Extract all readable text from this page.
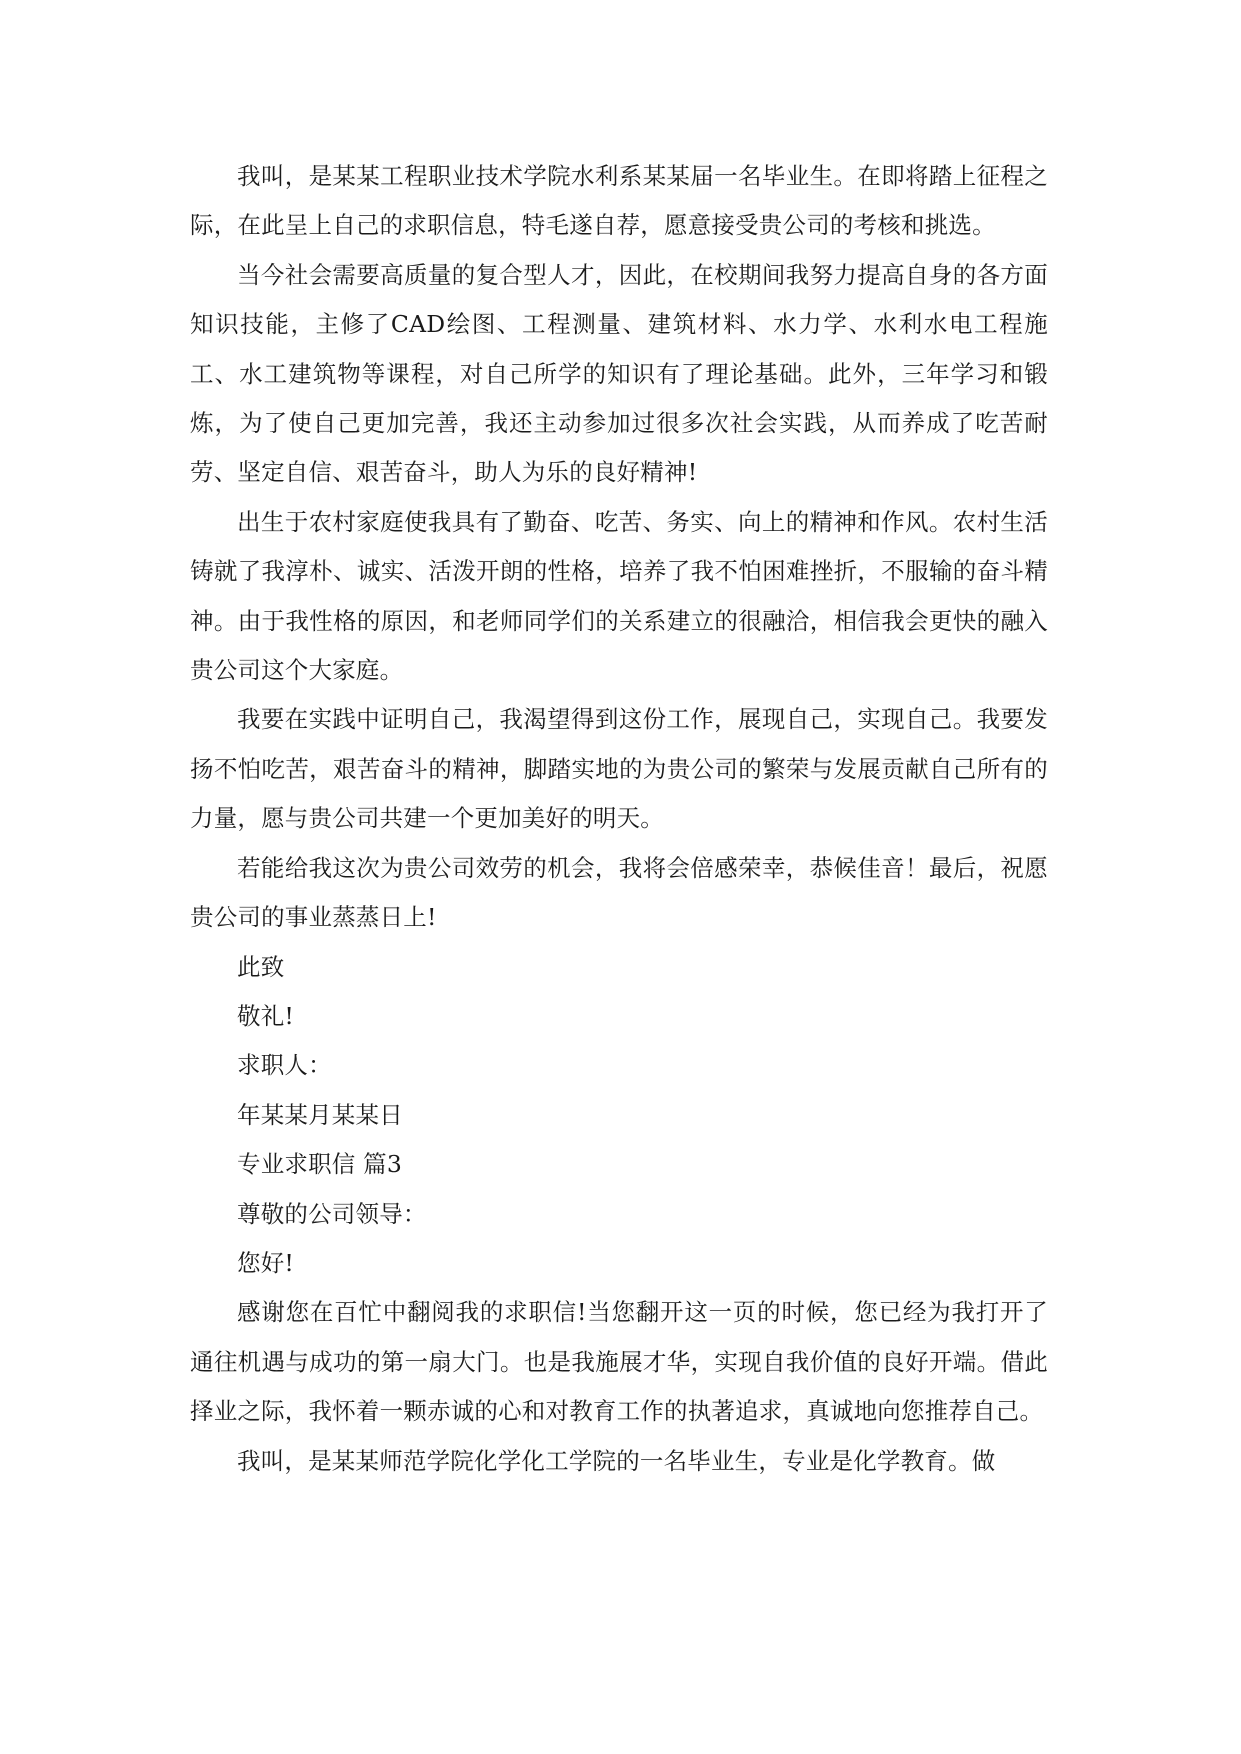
我叫，是某某工程职业技术学院水利系某某届一名毕业生。在即将踏上征程之际，在此呈上自己的求职信息，特毛遂自荐，愿意接受贵公司的考核和挑选。

当今社会需要高质量的复合型人才，因此，在校期间我努力提高自身的各方面知识技能，主修了CAD绘图、工程测量、建筑材料、水力学、水利水电工程施工、水工建筑物等课程，对自己所学的知识有了理论基础。此外，三年学习和锻炼，为了使自己更加完善，我还主动参加过很多次社会实践，从而养成了吃苦耐劳、坚定自信、艰苦奋斗，助人为乐的良好精神!

出生于农村家庭使我具有了勤奋、吃苦、务实、向上的精神和作风。农村生活铸就了我淳朴、诚实、活泼开朗的性格，培养了我不怕困难挫折，不服输的奋斗精神。由于我性格的原因，和老师同学们的关系建立的很融洽，相信我会更快的融入贵公司这个大家庭。

我要在实践中证明自己，我渴望得到这份工作，展现自己，实现自己。我要发扬不怕吃苦，艰苦奋斗的精神，脚踏实地的为贵公司的繁荣与发展贡献自己所有的力量，愿与贵公司共建一个更加美好的明天。

若能给我这次为贵公司效劳的机会，我将会倍感荣幸，恭候佳音！最后，祝愿贵公司的事业蒸蒸日上!

此致

敬礼!

求职人：

年某某月某某日

专业求职信 篇3

尊敬的公司领导：

您好!

感谢您在百忙中翻阅我的求职信!当您翻开这一页的时候，您已经为我打开了通往机遇与成功的第一扇大门。也是我施展才华，实现自我价值的良好开端。借此择业之际，我怀着一颗赤诚的心和对教育工作的执著追求，真诚地向您推荐自己。

我叫，是某某师范学院化学化工学院的一名毕业生，专业是化学教育。做
